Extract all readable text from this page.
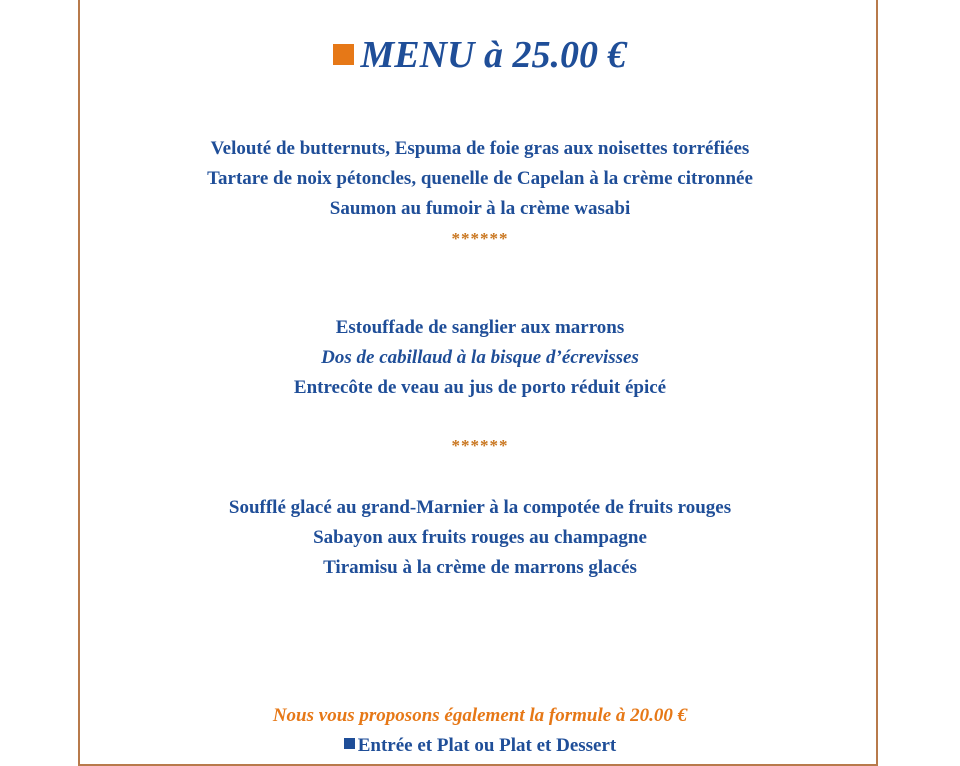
MENU à 25.00 €
Velouté de butternuts, Espuma de foie gras aux noisettes torréfiées
Tartare de noix pétoncles, quenelle de Capelan à la crème citronnée
Saumon au fumoir à la crème wasabi
******
Estouffade de sanglier aux marrons
Dos de cabillaud à la bisque d’écrevisses
Entrecôte de veau au jus de porto réduit épicé
******
Soufflé glacé au grand-Marnier à la compotée de fruits rouges
Sabayon aux fruits rouges au champagne
Tiramisu à la crème de marrons glacés
Nous vous proposons également la formule à 20.00 €
Entrée et Plat ou Plat et Dessert
